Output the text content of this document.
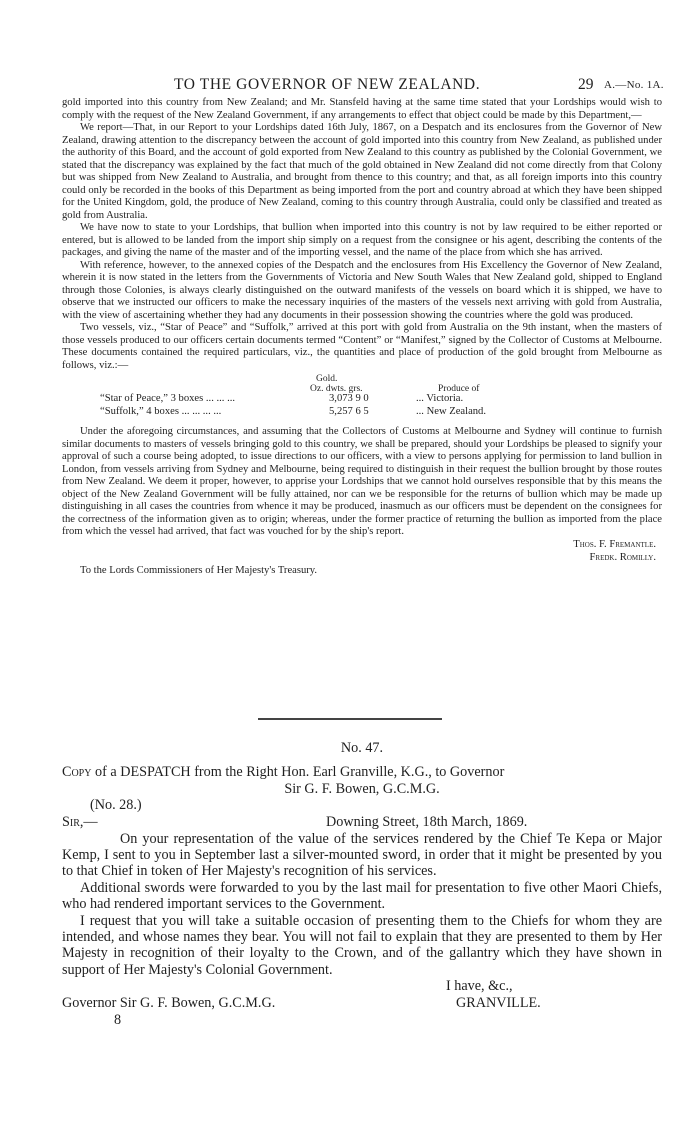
TO THE GOVERNOR OF NEW ZEALAND.	29 A.—No. 1A.

gold imported into this country from New Zealand; and Mr. Stansfeld having at the same time stated that your Lordships would wish to comply with the request of the New Zealand Government, if any arrangements to effect that object could be made by this Department,—

We report—That, in our Report to your Lordships dated 16th July, 1867, on a Despatch and its enclosures from the Governor of New Zealand, drawing attention to the discrepancy between the account of gold imported into this country from New Zealand, as published under the authority of this Board, and the account of gold exported from New Zealand to this country as published by the Colonial Government, we stated that the discrepancy was explained by the fact that much of the gold obtained in New Zealand did not come directly from that Colony but was shipped from New Zealand to Australia, and brought from thence to this country; and that, as all foreign imports into this country could only be recorded in the books of this Department as being imported from the port and country abroad at which they have been shipped for the United Kingdom, gold, the produce of New Zealand, coming to this country through Australia, could only be classified and treated as gold from Australia.

We have now to state to your Lordships, that bullion when imported into this country is not by law required to be either reported or entered, but is allowed to be landed from the import ship simply on a request from the consignee or his agent, describing the contents of the packages, and giving the name of the master and of the importing vessel, and the name of the place from which she has arrived.

With reference, however, to the annexed copies of the Despatch and the enclosures from His Excellency the Governor of New Zealand, wherein it is now stated in the letters from the Governments of Victoria and New South Wales that New Zealand gold, shipped to England through those Colonies, is always clearly distinguished on the outward manifests of the vessels on board which it is shipped, we have to observe that we instructed our officers to make the necessary inquiries of the masters of the vessels next arriving with gold from Australia, with the view of ascertaining whether they had any documents in their possession showing the countries where the gold was produced.

Two vessels, viz., “Star of Peace” and “Suffolk,” arrived at this port with gold from Australia on the 9th instant, when the masters of those vessels produced to our officers certain documents termed “Content” or “Manifest,” signed by the Collector of Customs at Melbourne. These documents contained the required particulars, viz., the quantities and place of production of the gold brought from Melbourne as follows, viz.:—

Gold.
Oz. dwts. grs.	Produce of
“Star of Peace,” 3 boxes ... ... ...	3,073 9 0	... Victoria.
“Suffolk,” 4 boxes ... ... ... ...	5,257 6 5	... New Zealand.

Under the aforegoing circumstances, and assuming that the Collectors of Customs at Melbourne and Sydney will continue to furnish similar documents to masters of vessels bringing gold to this country, we shall be prepared, should your Lordships be pleased to signify your approval of such a course being adopted, to issue directions to our officers, with a view to persons applying for permission to land bullion in London, from vessels arriving from Sydney and Melbourne, being required to distinguish in their request the bullion brought by those routes from New Zealand. We deem it proper, however, to apprise your Lordships that we cannot hold ourselves responsible that by this means the object of the New Zealand Government will be fully attained, nor can we be responsible for the returns of bullion which may be made up distinguishing in all cases the countries from whence it may be produced, inasmuch as our officers must be dependent on the consignees for the correctness of the information given as to origin; whereas, under the former practice of returning the bullion as imported from the place from which the vessel had arrived, that fact was vouched for by the ship's report.

Thos. F. Fremantle.
Fredk. Romilly.

To the Lords Commissioners of Her Majesty's Treasury.

No. 47.

Copy of a DESPATCH from the Right Hon. Earl Granville, K.G., to Governor

Sir G. F. Bowen, G.C.M.G.

(No. 28.)

Sir,—	Downing Street, 18th March, 1869.

On your representation of the value of the services rendered by the Chief Te Kepa or Major Kemp, I sent to you in September last a silver-mounted sword, in order that it might be presented by you to that Chief in token of Her Majesty's recognition of his services.

Additional swords were forwarded to you by the last mail for presentation to five other Maori Chiefs, who had rendered important services to the Government.

I request that you will take a suitable occasion of presenting them to the Chiefs for whom they are intended, and whose names they bear. You will not fail to explain that they are presented to them by Her Majesty in recognition of their loyalty to the Crown, and of the gallantry which they have shown in support of Her Majesty's Colonial Government.

I have, &c.,
Governor Sir G. F. Bowen, G.C.M.G.	GRANVILLE.

8
